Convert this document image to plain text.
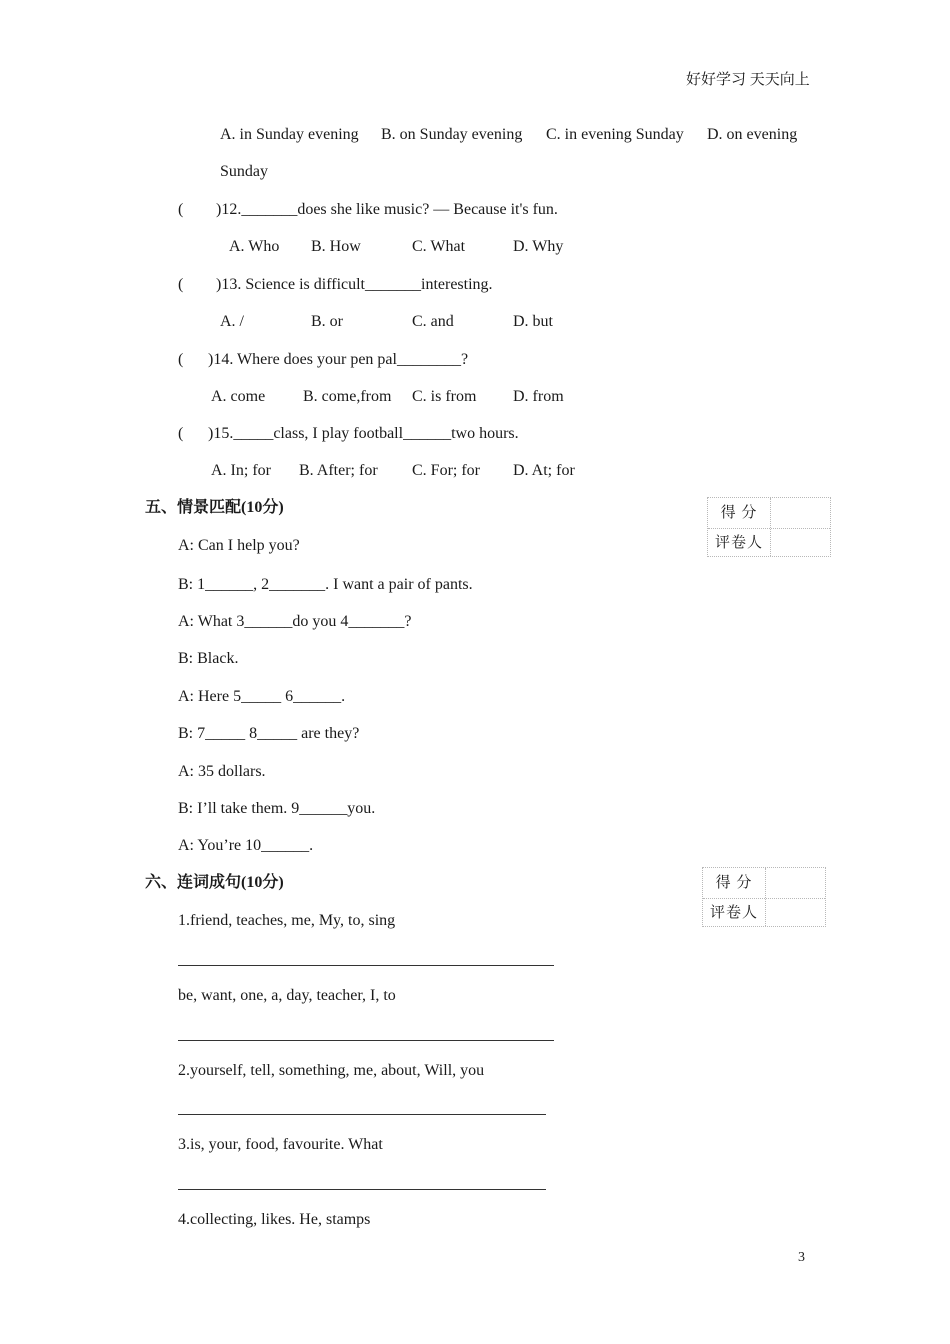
好好学习 天天向上
A. in Sunday evening B. on Sunday evening C. in evening Sunday D. on evening
Sunday
( )12._______does she like music? — Because it's fun.
A. Who B. How	C. What	D. Why
( )13. Science is difficult_______interesting.
A. /	B. or	C. and	D. but
( )14. Where does your pen pal________?
A. come B. come,from C. is from D. from
( )15._____class, I play football______two hours.
A. In; for B. After; for C. For; for D. At; for
五、情景匹配(10分)	得 分
评卷人
A: Can I help you?
B: 1______, 2_______. I want a pair of pants.
A: What 3______do you 4_______?
B: Black.
A: Here 5_____ 6______.
B: 7_____ 8_____ are they?
A: 35 dollars.
B: I’ll take them. 9______you.
A: You’re 10______.
六、连词成句(10分)	得 分
评卷人
1.friend, teaches, me, My, to, sing
be, want, one, a, day, teacher, I, to
2.yourself, tell, something, me, about, Will, you
3.is, your, food, favourite. What
4.collecting, likes. He, stamps
3
